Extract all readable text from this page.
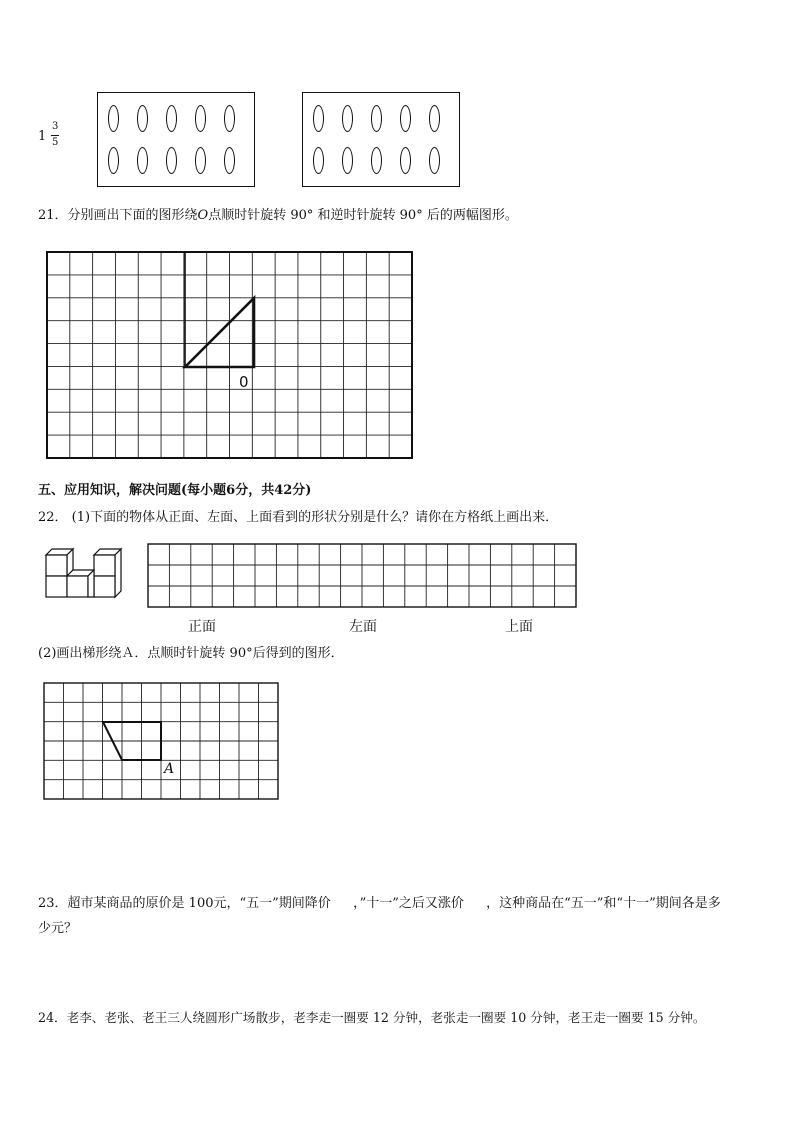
1
3
5
21．分别画出下面的图形绕O点顺时针旋转 90° 和逆时针旋转 90° 后的两幅图形。
0
五、应用知识，解决问题(每小题6分，共42分)
22． (1)下面的物体从正面、左面、上面看到的形状分别是什么？请你在方格纸上画出来．
正面	左面	上面
(2)画出梯形绕Ａ．点顺时针旋转 90°后得到的图形．
A
23．超市某商品的原价是 100元，“五一”期间降价 ，”十一”之后又涨价 ，这种商品在“五一”和“十一”期间各是多
少元？
24．老李、老张、老王三人绕圆形广场散步，老李走一圈要 12 分钟，老张走一圈要 10 分钟，老王走一圈要 15 分钟。
